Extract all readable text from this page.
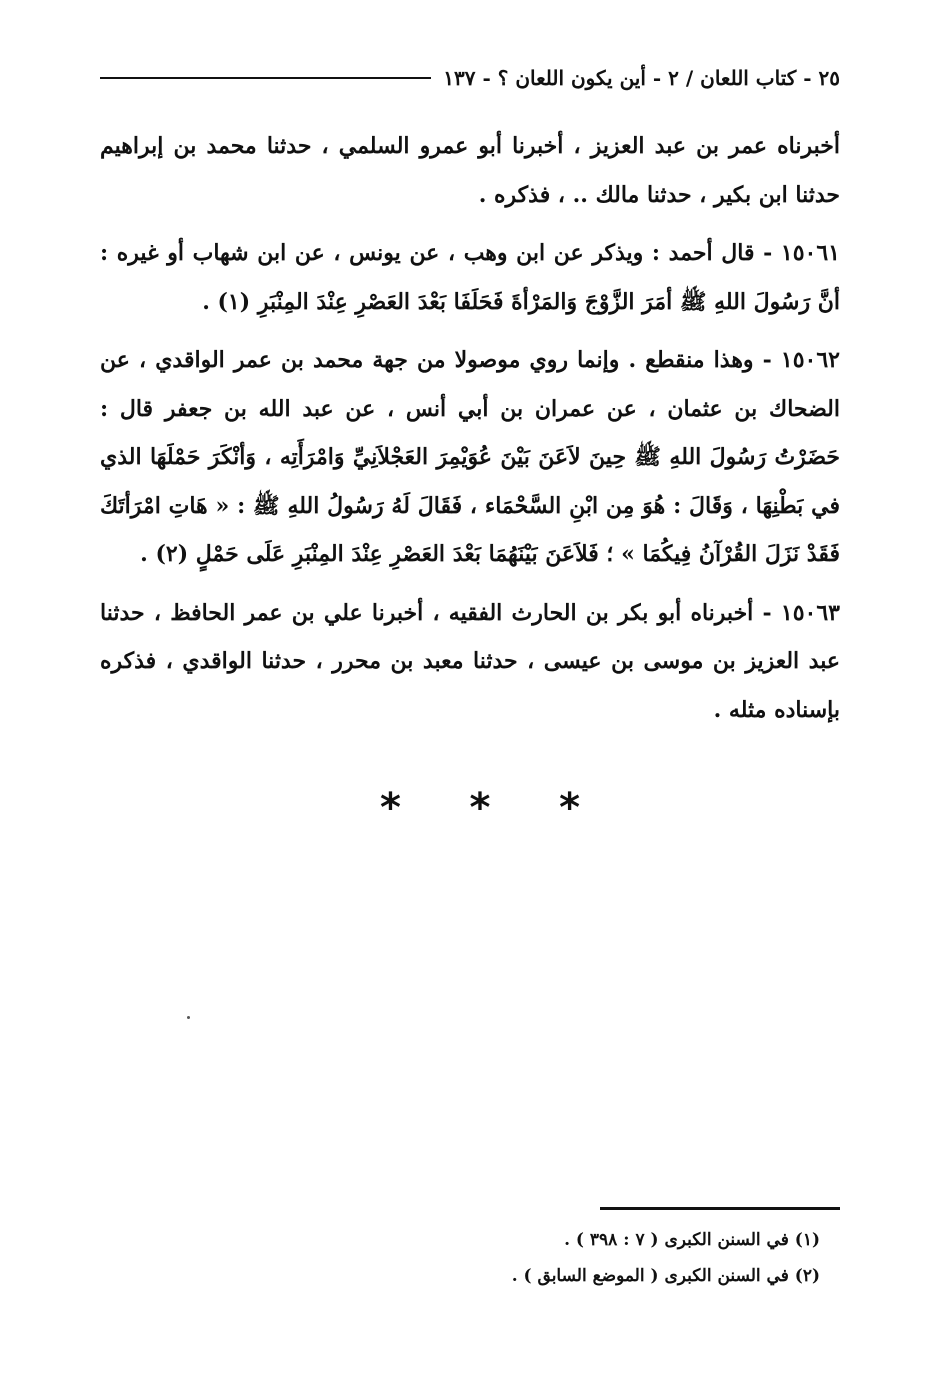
٢٥ - كتاب اللعان / ٢ - أين يكون اللعان ؟ - ١٣٧

أخبرناه عمر بن عبد العزيز ، أخبرنا أبو عمرو السلمي ، حدثنا محمد بن إبراهيم حدثنا ابن بكير ، حدثنا مالك .. ، فذكره .

١٥٠٦١ - قال أحمد : ويذكر عن ابن وهب ، عن يونس ، عن ابن شهاب أو غيره : أنَّ رَسُولَ اللهِ ﷺ أمَرَ الزَّوْجَ وَالمَرْأةَ فَحَلَفَا بَعْدَ العَصْرِ عِنْدَ المِنْبَرِ (١) .

١٥٠٦٢ - وهذا منقطع . وإنما روي موصولا من جهة محمد بن عمر الواقدي ، عن الضحاك بن عثمان ، عن عمران بن أبي أنس ، عن عبد الله بن جعفر قال : حَضَرْتُ رَسُولَ اللهِ ﷺ حِينَ لاَعَنَ بَيْنَ عُوَيْمِرَ العَجْلاَنِيِّ وَامْرَأَتِه ، وَأنْكَرَ حَمْلَهَا الذي في بَطْنِهَا ، وَقَالَ : هُوَ مِن ابْنِ السَّحْمَاء ، فَقَالَ لَهُ رَسُولُ اللهِ ﷺ : « هَاتِ امْرَأتَكَ فَقَدْ نَزَلَ القُرْآنُ فِيكُمَا » ؛ فَلاَعَنَ بَيْنَهُمَا بَعْدَ العَصْرِ عِنْدَ المِنْبَرِ عَلَى حَمْلٍ (٢) .

١٥٠٦٣ - أخبرناه أبو بكر بن الحارث الفقيه ، أخبرنا علي بن عمر الحافظ ، حدثنا عبد العزيز بن موسى بن عيسى ، حدثنا معبد بن محرر ، حدثنا الواقدي ، فذكره بإسناده مثله .

* * *
(١) في السنن الكبرى ( ٧ : ٣٩٨ ) .
(٢) في السنن الكبرى ( الموضع السابق ) .
